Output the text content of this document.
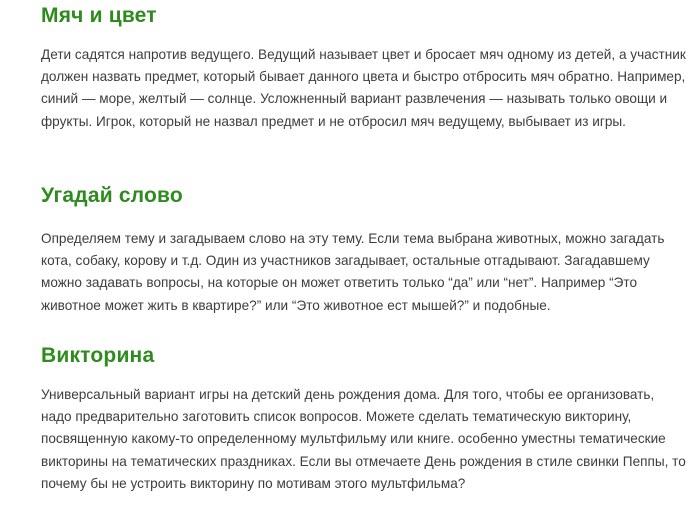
Мяч и цвет

Дети садятся напротив ведущего. Ведущий называет цвет и бросает мяч одному из детей, а участник должен назвать предмет, который бывает данного цвета и быстро отбросить мяч обратно. Например, синий — море, желтый — солнце. Усложненный вариант развлечения — называть только овощи и фрукты. Игрок, который не назвал предмет и не отбросил мяч ведущему, выбывает из игры.

Угадай слово

Определяем тему и загадываем слово на эту тему. Если тема выбрана животных, можно загадать кота, собаку, корову и т.д. Один из участников загадывает, остальные отгадывают. Загадавшему можно задавать вопросы, на которые он может ответить только “да” или “нет”. Например “Это животное может жить в квартире?” или “Это животное ест мышей?” и подобные.

Викторина

Универсальный вариант игры на детский день рождения дома. Для того, чтобы ее организовать, надо предварительно заготовить список вопросов. Можете сделать тематическую викторину, посвященную какому-то определенному мультфильму или книге. особенно уместны тематические викторины на тематических праздниках. Если вы отмечаете День рождения в стиле свинки Пеппы, то почему бы не устроить викторину по мотивам этого мультфильма?
